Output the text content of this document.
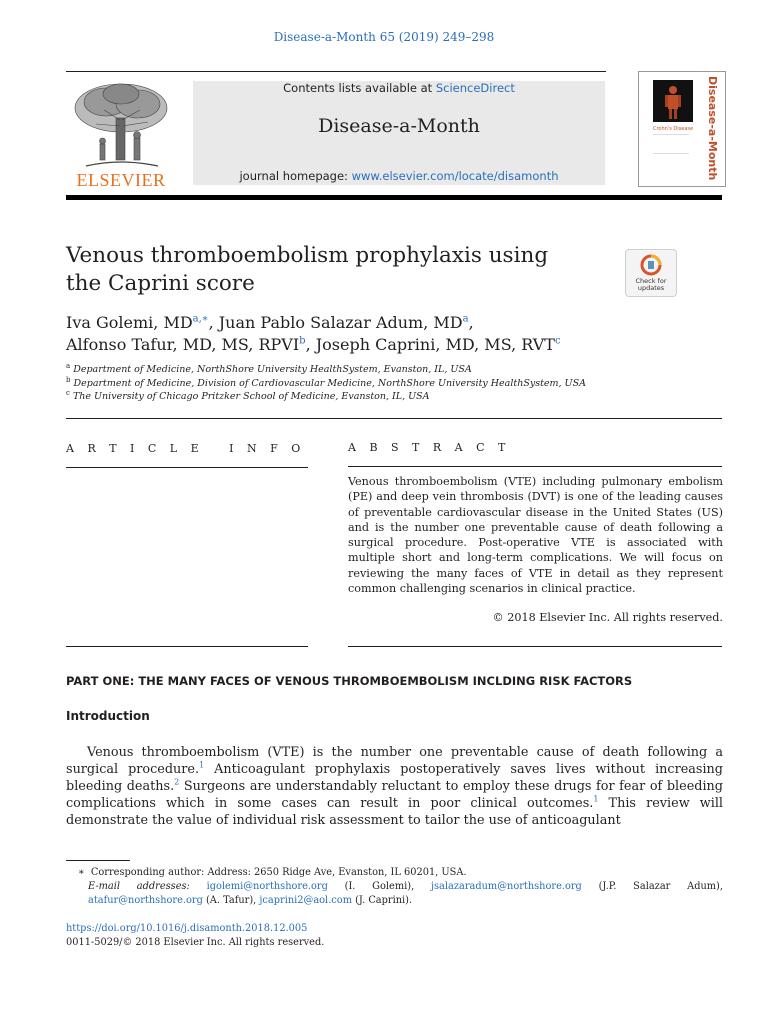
Disease-a-Month 65 (2019) 249–298
ELSEVIER
Contents lists available at ScienceDirect
Disease-a-Month
journal homepage: www.elsevier.com/locate/disamonth
Crohn's Disease	Disease-a-Month
Venous thromboembolism prophylaxis using
the Caprini score	Check for
updates
Iva Golemi, $MD^{a,∗}$, Juan Pablo Salazar Adum, $MD^a$,
Alfonso Tafur, MD, MS, RPVI$^b$, Joseph Caprini, MD, MS, RVT$^c$
$^a$ Department of Medicine, NorthShore University HealthSystem, Evanston, IL, USA
$^b$ Department of Medicine, Division of Cardiovascular Medicine, NorthShore University HealthSystem, USA
$^c$ The University of Chicago Pritzker School of Medicine, Evanston, IL, USA
A R T I C L E   I N F O	A B S T R A C T
Venous thromboembolism (VTE) including pulmonary embolism (PE) and deep vein thrombosis (DVT) is one of the leading causes of preventable cardiovascular disease in the United States (US) and is the number one preventable cause of death following a surgical procedure. Post-operative VTE is associated with multiple short and long-term complications. We will focus on reviewing the many faces of VTE in detail as they represent common challenging scenarios in clinical practice.
© 2018 Elsevier Inc. All rights reserved.
PART ONE: THE MANY FACES OF VENOUS THROMBOEMBOLISM INCLDING RISK FACTORS
Introduction
Venous thromboembolism (VTE) is the number one preventable cause of death following a surgical procedure.$^1$ Anticoagulant prophylaxis postoperatively saves lives without increasing bleeding deaths.$^2$ Surgeons are understandably reluctant to employ these drugs for fear of bleeding complications which in some cases can result in poor clinical outcomes.$^1$ This review will demonstrate the value of individual risk assessment to tailor the use of anticoagulant
∗ Corresponding author: Address: 2650 Ridge Ave, Evanston, IL 60201, USA.
E-mail addresses: igolemi@northshore.org (I. Golemi), jsalazaradum@northshore.org (J.P. Salazar Adum), atafur@northshore.org (A. Tafur), jcaprini2@aol.com (J. Caprini).
https://doi.org/10.1016/j.disamonth.2018.12.005
0011-5029/© 2018 Elsevier Inc. All rights reserved.
